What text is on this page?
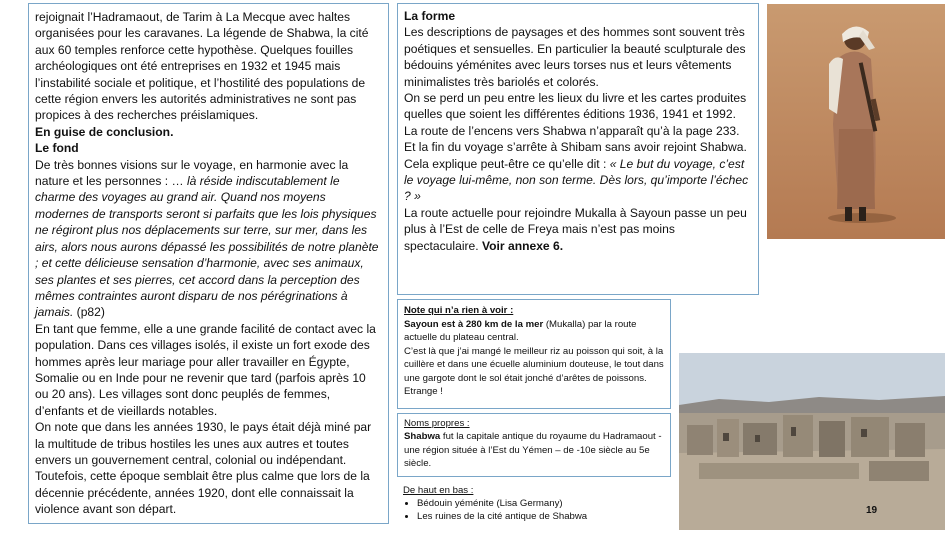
rejoignait l’Hadramaout, de Tarim à La Mecque avec haltes organisées pour les caravanes. La légende de Shabwa, la cité aux 60 temples renforce cette hypothèse. Quelques fouilles archéologiques ont été entreprises en 1932 et 1945 mais l’instabilité sociale et politique, et l’hostilité des populations de cette région envers les autorités administratives ne sont pas propices à des recherches préislamiques.

En guise de conclusion.

Le fond

De très bonnes visions sur le voyage, en harmonie avec la nature et les personnes : … là réside indiscutablement le charme des voyages au grand air. Quand nos moyens modernes de transports seront si parfaits que les lois physiques ne régiront plus nos déplacements sur terre, sur mer, dans les airs, alors nous aurons dépassé les possibilités de notre planète ; et cette délicieuse sensation d’harmonie, avec ses animaux, ses plantes et ses pierres, cet accord dans la perception des mêmes contraintes auront disparu de nos pérégrinations à jamais. (p82)

En tant que femme, elle a une grande facilité de contact avec la population. Dans ces villages isolés, il existe un fort exode des hommes après leur mariage pour aller travailler en Égypte, Somalie ou en Inde pour ne revenir que tard (parfois après 10 ou 20 ans). Les villages sont donc peuplés de femmes, d’enfants et de vieillards notables.

On note que dans les années 1930, le pays était déjà miné par la multitude de tribus hostiles les unes aux autres et toutes envers un gouvernement central, colonial ou indépendant. Toutefois, cette époque semblait être plus calme que lors de la décennie précédente, années 1920, dont elle connaissait la violence avant son départ.

La forme

Les descriptions de paysages et des hommes sont souvent très poétiques et sensuelles. En particulier la beauté sculpturale des bédouins yéménites avec leurs torses nus et leurs vêtements minimalistes très bariolés et colorés.

On se perd un peu entre les lieux du livre et les cartes produites quelles que soient les différentes éditions 1936, 1941 et 1992.

La route de l’encens vers Shabwa n’apparaît qu’à la page 233. Et la fin du voyage s’arrête à Shibam sans avoir rejoint Shabwa.

Cela explique peut-être ce qu’elle dit : « Le but du voyage, c’est le voyage lui-même, non son terme. Dès lors, qu’importe l’échec ? »

La route actuelle pour rejoindre Mukalla à Sayoun passe un peu plus à l’Est de celle de Freya mais n’est pas moins spectaculaire. Voir annexe 6.

Note qui n’a rien à voir :

Sayoun est à 280 km de la mer (Mukalla) par la route actuelle du plateau central.

C’est là que j’ai mangé le meilleur riz au poisson qui soit, à la cuillère et dans une écuelle aluminium douteuse, le tout dans une gargote dont le sol était jonché d’arêtes de poissons. Etrange !

Noms propres :

Shabwa fut la capitale antique du royaume du Hadramaout - une région située à l’Est du Yémen – de -10e siècle au 5e siècle.

De haut en bas :

• Bédouin yéménite (Lisa Germany)
• Les ruines de la cité antique de Shabwa
19
